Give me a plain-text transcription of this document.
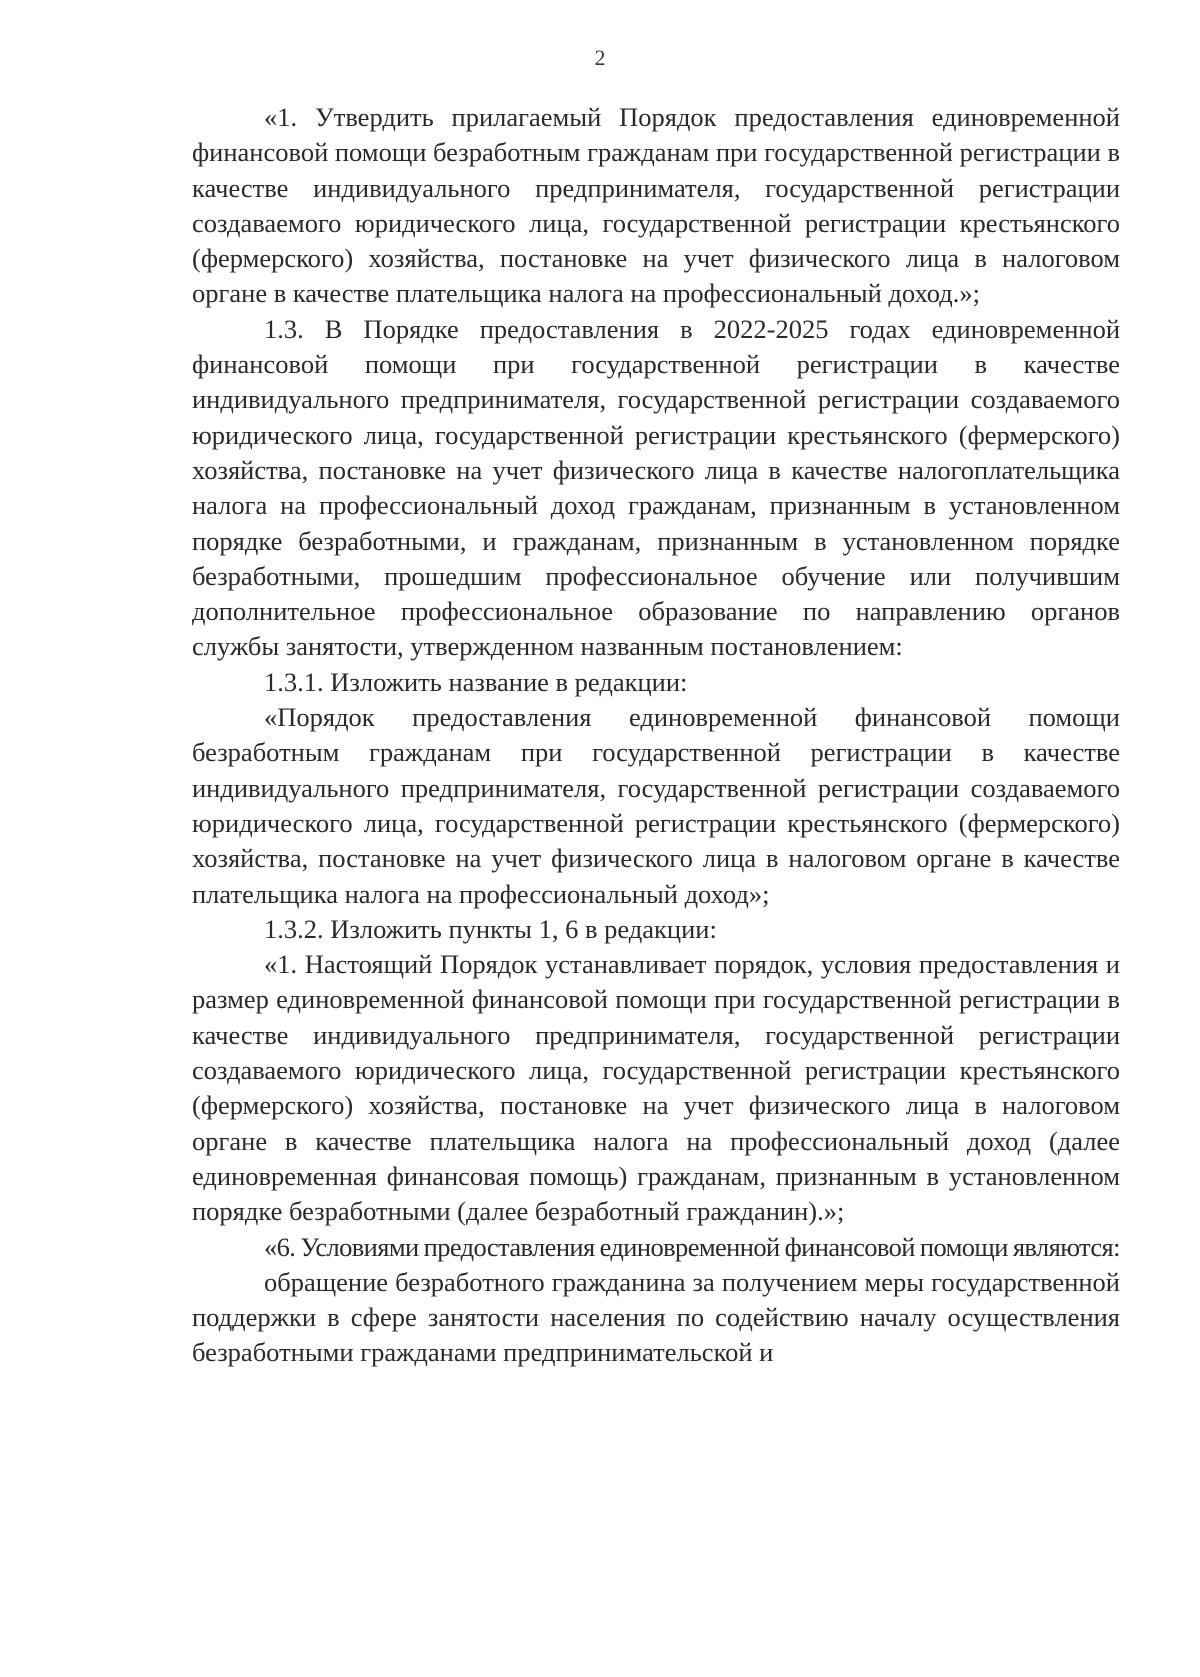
2

«1. Утвердить прилагаемый Порядок предоставления единовременной финансовой помощи безработным гражданам при государственной регистрации в качестве индивидуального предпринимателя, государственной регистрации создаваемого юридического лица, государственной регистрации крестьянского (фермерского) хозяйства, постановке на учет физического лица в налоговом органе в качестве плательщика налога на профессиональный доход.»;

1.3. В Порядке предоставления в 2022-2025 годах единовременной финансовой помощи при государственной регистрации в качестве индивидуального предпринимателя, государственной регистрации создаваемого юридического лица, государственной регистрации крестьянского (фермерского) хозяйства, постановке на учет физического лица в качестве налогоплательщика налога на профессиональный доход гражданам, признанным в установленном порядке безработными, и гражданам, признанным в установленном порядке безработными, прошедшим профессиональное обучение или получившим дополнительное профессиональное образование по направлению органов службы занятости, утвержденном названным постановлением:

1.3.1. Изложить название в редакции:

«Порядок предоставления единовременной финансовой помощи безработным гражданам при государственной регистрации в качестве индивидуального предпринимателя, государственной регистрации создаваемого юридического лица, государственной регистрации крестьянского (фермерского) хозяйства, постановке на учет физического лица в налоговом органе в качестве плательщика налога на профессиональный доход»;

1.3.2. Изложить пункты 1, 6 в редакции:

«1. Настоящий Порядок устанавливает порядок, условия предоставления и размер единовременной финансовой помощи при государственной регистрации в качестве индивидуального предпринимателя, государственной регистрации создаваемого юридического лица, государственной регистрации крестьянского (фермерского) хозяйства, постановке на учет физического лица в налоговом органе в качестве плательщика налога на профессиональный доход (далее единовременная финансовая помощь) гражданам, признанным в установленном порядке безработными (далее безработный гражданин).»;

«6. Условиями предоставления единовременной финансовой помощи являются:

обращение безработного гражданина за получением меры государственной поддержки в сфере занятости населения по содействию началу осуществления безработными гражданами предпринимательской и
